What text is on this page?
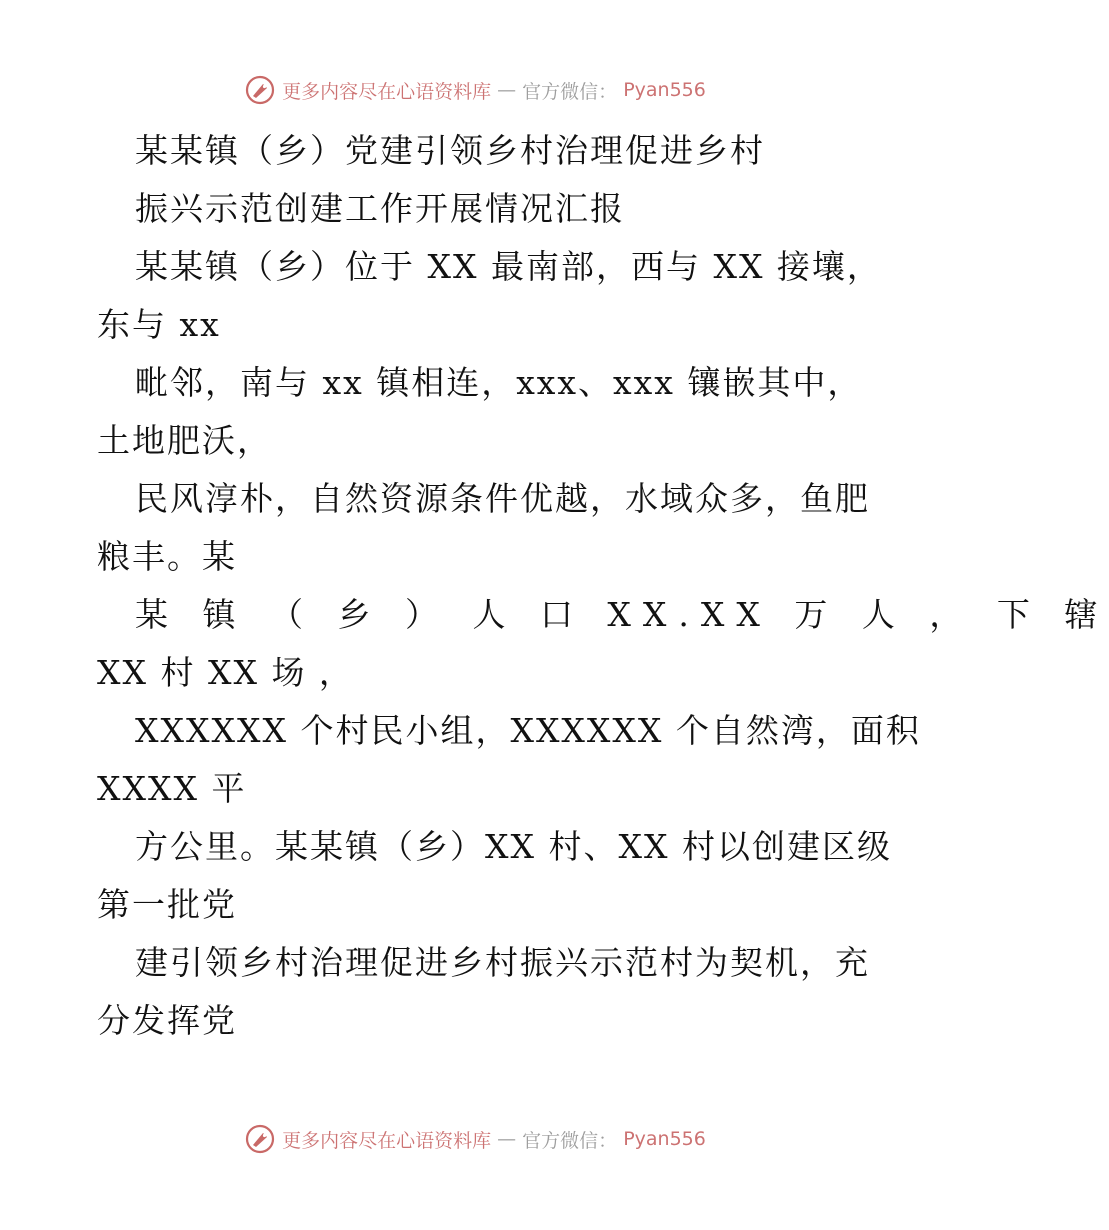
更多内容尽在心语资料库 — 官方微信： Pyan556
某某镇（乡）党建引领乡村治理促进乡村
振兴示范创建工作开展情况汇报
某某镇（乡）位于 XX 最南部，西与 XX 接壤，
东与 xx
毗邻，南与 xx 镇相连，xxx、xxx 镶嵌其中，
土地肥沃，
民风淳朴，自然资源条件优越，水域众多，鱼肥
粮丰。某
某 镇 （ 乡 ） 人 口 XX.XX 万 人 ， 下 辖
XX 村 XX 场 ，
XXXXXX 个村民小组，XXXXXX 个自然湾，面积
XXXX 平
方公里。某某镇（乡）XX 村、XX 村以创建区级
第一批党
建引领乡村治理促进乡村振兴示范村为契机，充
分发挥党
更多内容尽在心语资料库 — 官方微信： Pyan556
